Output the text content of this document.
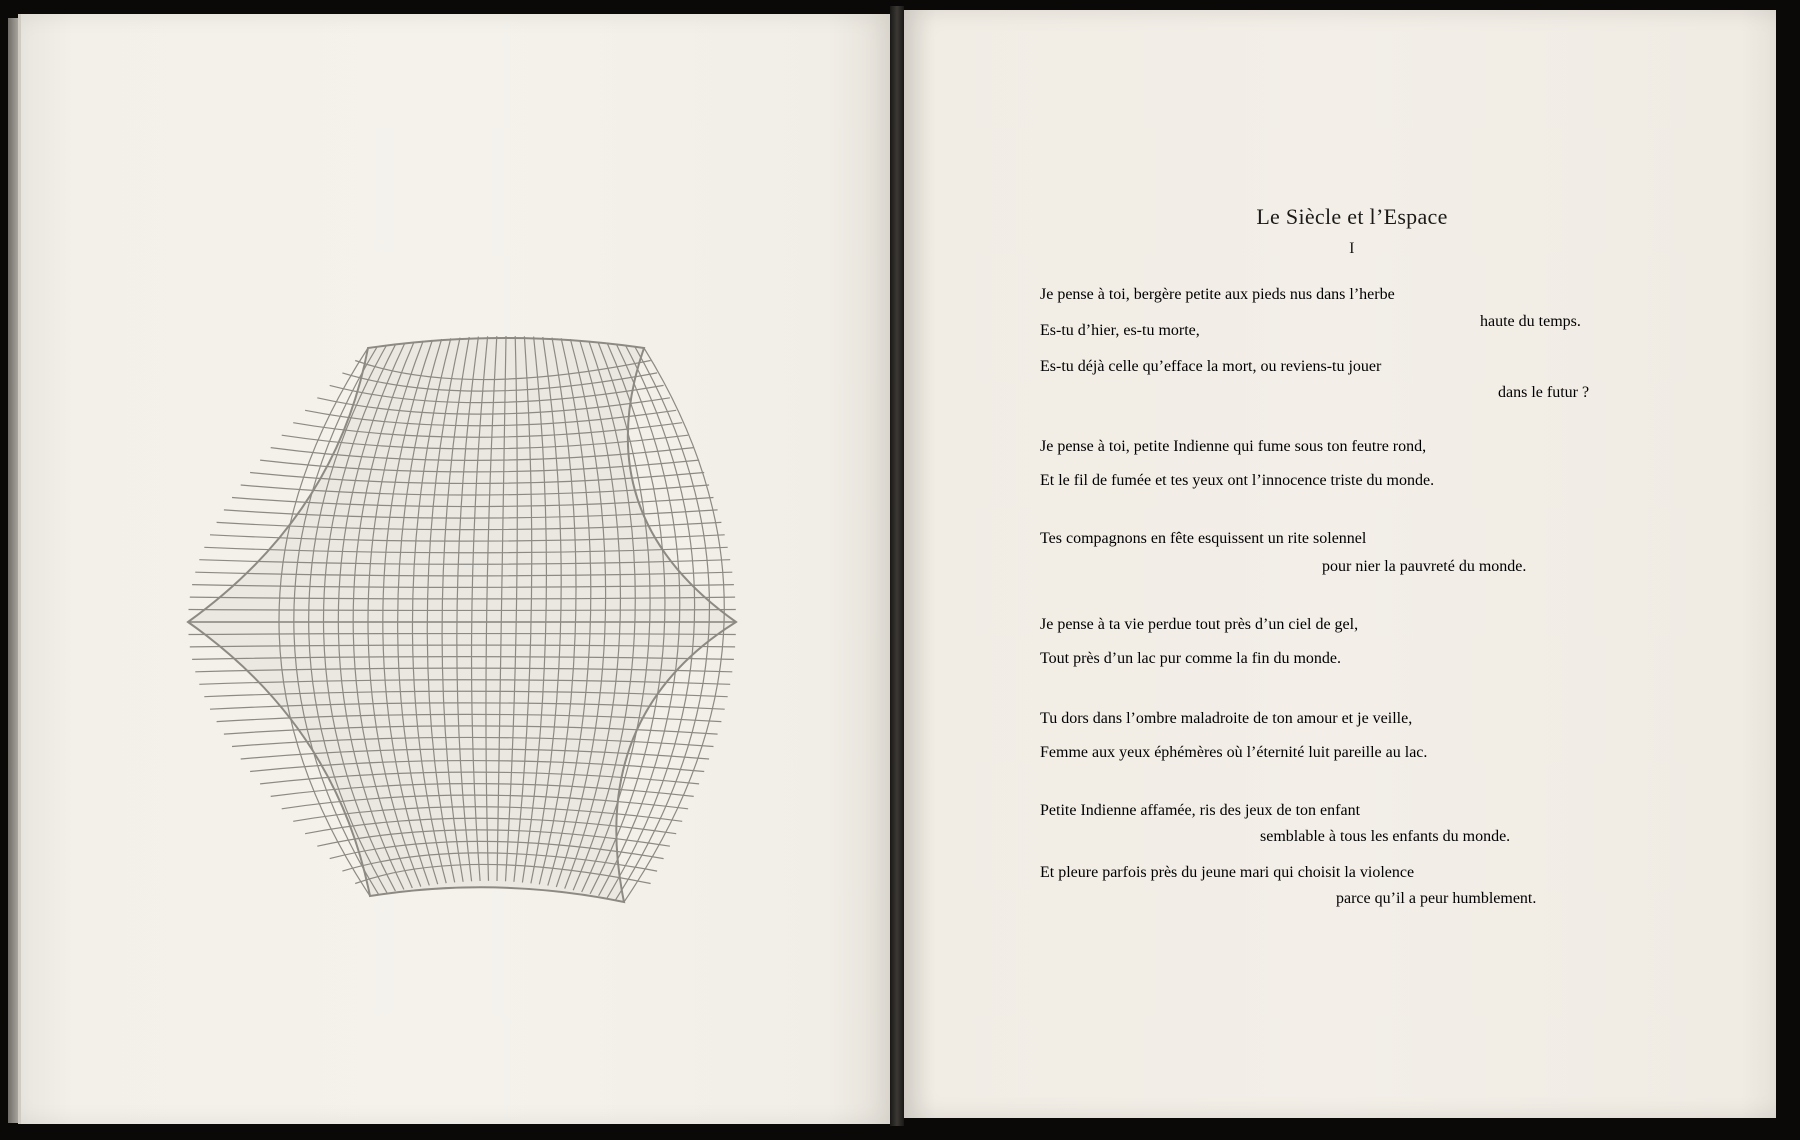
Le Siècle et l’Espace
I
Je pense à toi, bergère petite aux pieds nus dans l’herbe
haute du temps.
Es-tu d’hier, es-tu morte,
Es-tu déjà celle qu’efface la mort, ou reviens-tu jouer
dans le futur ?
Je pense à toi, petite Indienne qui fume sous ton feutre rond,
Et le fil de fumée et tes yeux ont l’innocence triste du monde.
Tes compagnons en fête esquissent un rite solennel
pour nier la pauvreté du monde.
Je pense à ta vie perdue tout près d’un ciel de gel,
Tout près d’un lac pur comme la fin du monde.
Tu dors dans l’ombre maladroite de ton amour et je veille,
Femme aux yeux éphémères où l’éternité luit pareille au lac.
Petite Indienne affamée, ris des jeux de ton enfant
semblable à tous les enfants du monde.
Et pleure parfois près du jeune mari qui choisit la violence
parce qu’il a peur humblement.
